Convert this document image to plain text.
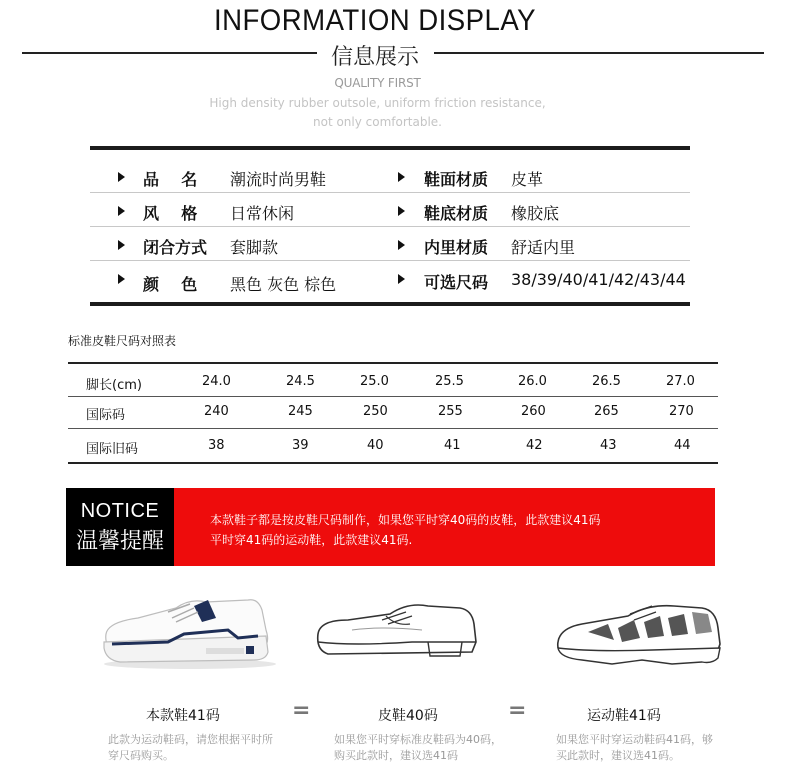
INFORMATION DISPLAY
信息展示
QUALITY FIRST
High density rubber outsole, uniform friction resistance,
not only comfortable.
品    名 潮流时尚男鞋	鞋面材质 皮革
风    格 日常休闲	鞋底材质 橡胶底
闭合方式 套脚款	内里材质 舒适内里
颜    色 黑色 灰色 棕色	可选尺码 38/39/40/41/42/43/44
标准皮鞋尺码对照表
脚长(cm)	24.0	24.5	25.0	25.5	26.0	26.5	27.0
国际码	240	245	250	255	260	265	270
国际旧码	38	39	40	41	42	43	44
NOTICE
温馨提醒
本款鞋子都是按皮鞋尺码制作，如果您平时穿40码的皮鞋，此款建议41码
平时穿41码的运动鞋，此款建议41码.
本款鞋41码	=	皮鞋40码	=	运动鞋41码
此款为运动鞋码，请您根据平时所
穿尺码购买。
如果您平时穿标准皮鞋码为40码，
购买此款时，建议选41码
如果您平时穿运动鞋码41码，够
买此款时，建议选41码。
